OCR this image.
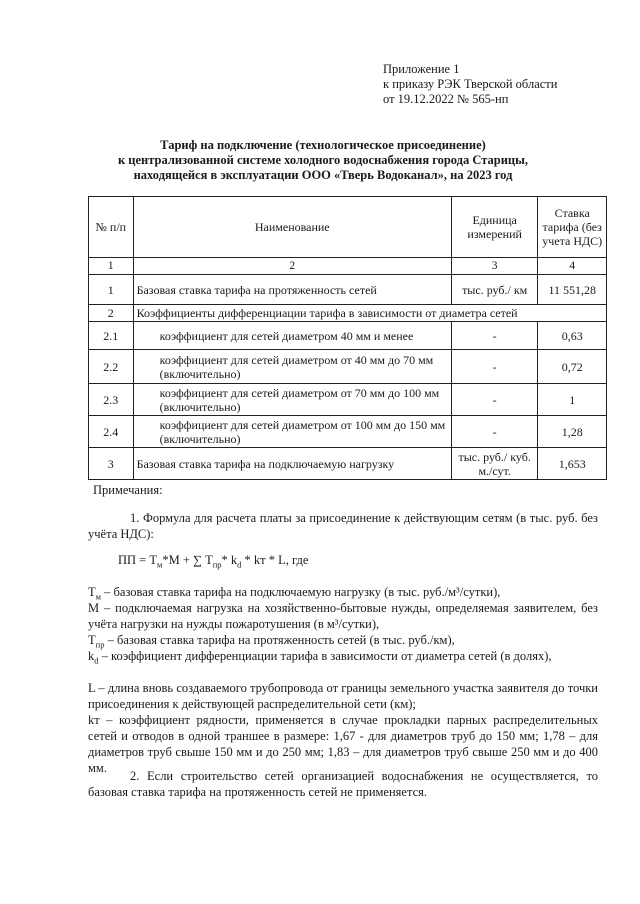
Приложение 1
к приказу РЭК Тверской области
от 19.12.2022 № 565-нп
Тариф на подключение (технологическое присоединение)
к централизованной системе холодного водоснабжения города Старицы,
находящейся в эксплуатации ООО «Тверь Водоканал», на 2023 год
№ п/п	Наименование	Единица измерений	Ставка тарифа (без учета НДС)
1	2	3	4
1	Базовая ставка тарифа на протяженность сетей	тыс. руб./ км	11 551,28
2	Коэффициенты дифференциации тарифа в зависимости от диаметра сетей		
2.1	коэффициент для сетей диаметром 40 мм и менее	-	0,63
2.2	коэффициент для сетей диаметром от 40 мм до 70 мм (включительно)	-	0,72
2.3	коэффициент для сетей диаметром от 70 мм до 100 мм (включительно)	-	1
2.4	коэффициент для сетей диаметром от 100 мм до 150 мм (включительно)	-	1,28
3	Базовая ставка тарифа на подключаемую нагрузку	тыс. руб./ куб. м./сут.	1,653
Примечания:
1. Формула для расчета платы за присоединение к действующим сетям (в тыс. руб. без учёта НДС):
ПП = $Т_м*М$ + ∑ $Т_{пр}*$ $k_d$ * kт * L, где
$Т_м$ – базовая ставка тарифа на подключаемую нагрузку (в тыс. руб./м³/сутки),
М – подключаемая нагрузка на хозяйственно-бытовые нужды, определяемая заявителем, без учёта нагрузки на нужды пожаротушения (в м³/сутки),
$Т_{пр}$ – базовая ставка тарифа на протяженность сетей (в тыс. руб./км),
$k_d$ – коэффициент дифференциации тарифа в зависимости от диаметра сетей (в долях),
L – длина вновь создаваемого трубопровода от границы земельного участка заявителя до точки присоединения к действующей распределительной сети (км);
kт – коэффициент рядности, применяется в случае прокладки парных распределительных сетей и отводов в одной траншее в размере: 1,67 - для диаметров труб до 150 мм; 1,78 – для диаметров труб свыше 150 мм и до 250 мм; 1,83 – для диаметров труб свыше 250 мм и до 400 мм.
2. Если строительство сетей организацией водоснабжения не осуществляется, то базовая ставка тарифа на протяженность сетей не применяется.
